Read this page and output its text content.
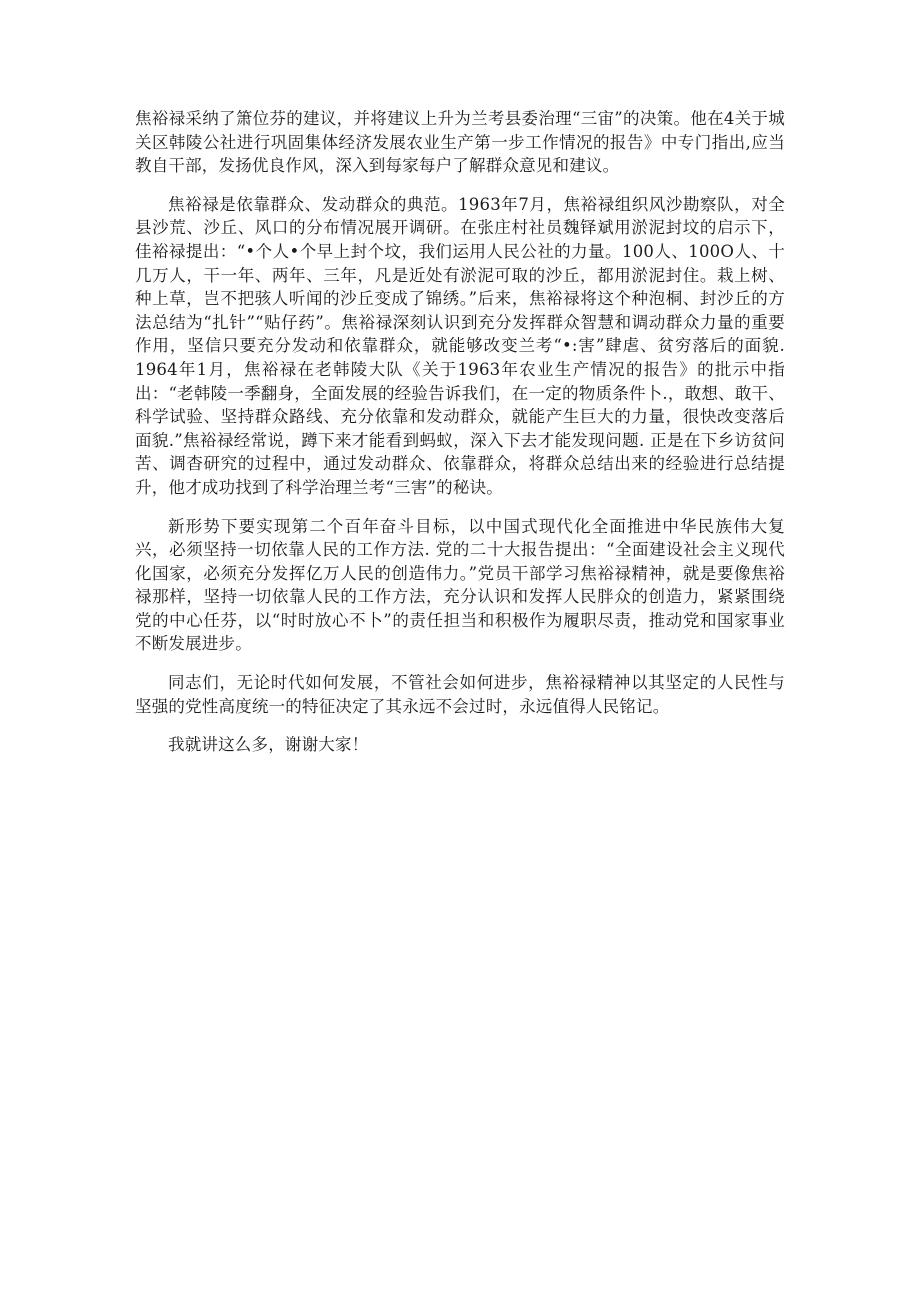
焦裕禄采纳了箫位芬的建议，并将建议上升为兰考县委治理“三宙”的决策。他在4关于城关区韩陵公社进行巩固集体经济发展农业生产第一步工作情况的报告》中专门指出,应当教自干部，发扬优良作风，深入到每家每户了解群众意见和建议。

焦裕禄是依靠群众、发动群众的典范。1963年7月，焦裕禄组织风沙勘察队，对全县沙荒、沙丘、风口的分布情况展开调研。在张庄村社员魏铎斌用淤泥封坟的启示下，佳裕禄提出：“•个人•个早上封个坟，我们运用人民公社的力量。100人、100O人、十几万人，干一年、两年、三年，凡是近处有淤泥可取的沙丘，都用淤泥封住。栽上树、种上草，岂不把骇人听闻的沙丘变成了锦绣。”后来，焦裕禄将这个种泡桐、封沙丘的方法总结为“扎针”“贴仔药”。焦裕禄深刻认识到充分发挥群众智慧和调动群众力量的重要作用，坚信只要充分发动和依靠群众，就能够改变兰考“•:害”肆虐、贫穷落后的面貌. 1964年1月，焦裕禄在老韩陵大队《关于1963年农业生产情况的报告》的批示中指出：“老韩陵一季翻身，全面发展的经验告诉我们，在一定的物质条件卜.，敢想、敢干、科学试验、坚持群众路线、充分依靠和发动群众，就能产生巨大的力量，很快改变落后面貌.”焦裕禄经常说，蹲下来才能看到蚂蚁，深入下去才能发现问题. 正是在下乡访贫问苦、调杳研究的过程中，通过发动群众、依靠群众，将群众总结出来的经验进行总结提升，他才成功找到了科学治理兰考“三害”的秘诀。

新形势下要实现第二个百年奋斗目标，以中国式现代化全面推进中华民族伟大复兴，必须坚持一切依靠人民的工作方法. 党的二十大报告提出：“全面建设社会主义现代化国家，必须充分发挥亿万人民的创造伟力。”党员干部学习焦裕禄精神，就是要像焦裕禄那样，坚持一切依靠人民的工作方法，充分认识和发挥人民胖众的创造力，紧紧围绕党的中心任芬，以“时时放心不卜”的责任担当和积极作为履职尽责，推动党和国家事业不断发展进步。

同志们，无论时代如何发展，不管社会如何进步，焦裕禄精神以其坚定的人民性与坚强的党性高度统一的特征决定了其永远不会过时，永远值得人民铭记。

我就讲这么多，谢谢大家！
